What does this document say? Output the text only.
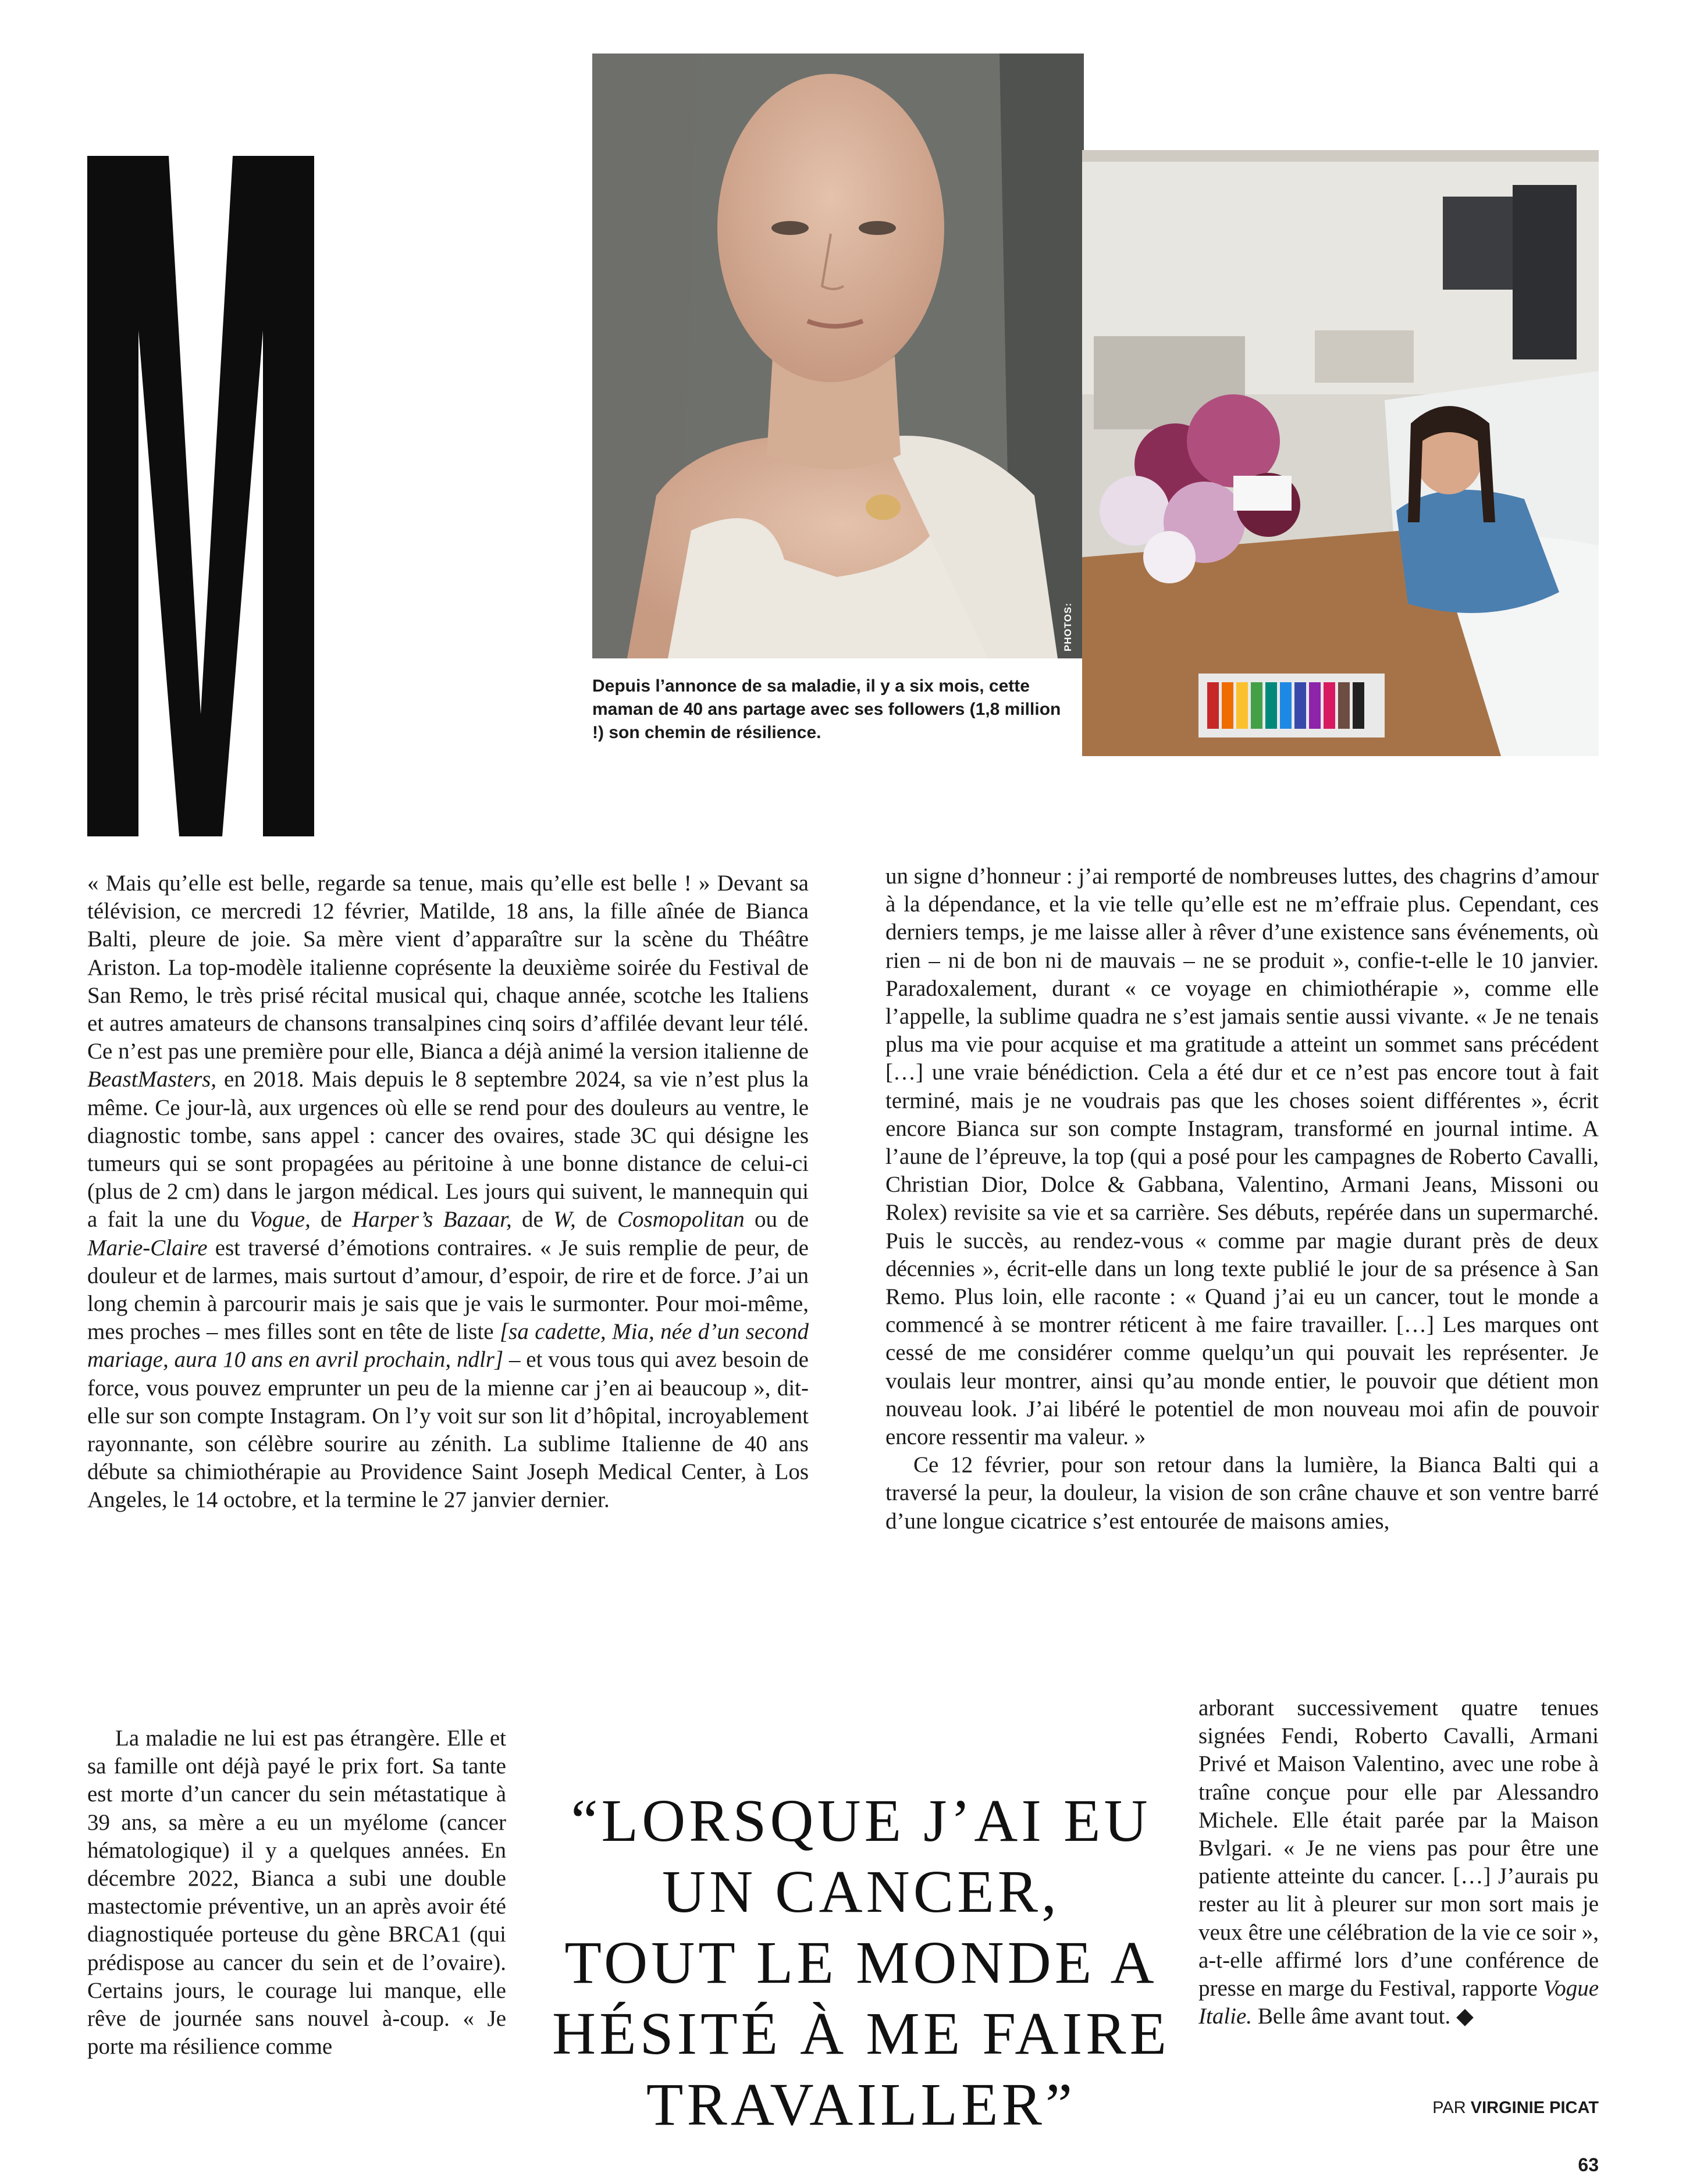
PHOTOS:
Depuis l’annonce de sa maladie, il y a six mois, cette maman de 40 ans partage avec ses followers (1,8 million !) son chemin de résilience.

« Mais qu’elle est belle, regarde sa tenue, mais qu’elle est belle ! » Devant sa télévision, ce mercredi 12 février, Matilde, 18 ans, la fille aînée de Bianca Balti, pleure de joie. Sa mère vient d’apparaître sur la scène du Théâtre Ariston. La top-modèle italienne coprésente la deuxième soirée du Festival de San Remo, le très prisé récital musical qui, chaque année, scotche les Italiens et autres amateurs de chansons transalpines cinq soirs d’affilée devant leur télé. Ce n’est pas une première pour elle, Bianca a déjà animé la version italienne de BeastMasters, en 2018. Mais depuis le 8 septembre 2024, sa vie n’est plus la même. Ce jour-là, aux urgences où elle se rend pour des douleurs au ventre, le diagnostic tombe, sans appel : cancer des ovaires, stade 3C qui désigne les tumeurs qui se sont propagées au péritoine à une bonne distance de celui-ci (plus de 2 cm) dans le jargon médical. Les jours qui suivent, le mannequin qui a fait la une du Vogue, de Harper’s Bazaar, de W, de Cosmopolitan ou de Marie-Claire est traversé d’émotions contraires. « Je suis remplie de peur, de douleur et de larmes, mais surtout d’amour, d’espoir, de rire et de force. J’ai un long chemin à parcourir mais je sais que je vais le surmonter. Pour moi-même, mes proches – mes filles sont en tête de liste [sa cadette, Mia, née d’un second mariage, aura 10 ans en avril prochain, ndlr] – et vous tous qui avez besoin de force, vous pouvez emprunter un peu de la mienne car j’en ai beaucoup », dit-elle sur son compte Instagram. On l’y voit sur son lit d’hôpital, incroyablement rayonnante, son célèbre sourire au zénith. La sublime Italienne de 40 ans débute sa chimiothérapie au Providence Saint Joseph Medical Center, à Los Angeles, le 14 octobre, et la termine le 27 janvier dernier.

La maladie ne lui est pas étrangère. Elle et sa famille ont déjà payé le prix fort. Sa tante est morte d’un cancer du sein métastatique à 39 ans, sa mère a eu un myélome (cancer hématologique) il y a quelques années. En décembre 2022, Bianca a subi une double mastectomie préventive, un an après avoir été diagnostiquée porteuse du gène BRCA1 (qui prédispose au cancer du sein et de l’ovaire). Certains jours, le courage lui manque, elle rêve de journée sans nouvel à-coup. « Je porte ma résilience comme

un signe d’honneur : j’ai remporté de nombreuses luttes, des chagrins d’amour à la dépendance, et la vie telle qu’elle est ne m’effraie plus. Cependant, ces derniers temps, je me laisse aller à rêver d’une existence sans événements, où rien – ni de bon ni de mauvais – ne se produit », confie-t-elle le 10 janvier. Paradoxalement, durant « ce voyage en chimiothérapie », comme elle l’appelle, la sublime quadra ne s’est jamais sentie aussi vivante. « Je ne tenais plus ma vie pour acquise et ma gratitude a atteint un sommet sans précédent […] une vraie bénédiction. Cela a été dur et ce n’est pas encore tout à fait terminé, mais je ne voudrais pas que les choses soient différentes », écrit encore Bianca sur son compte Instagram, transformé en journal intime. A l’aune de l’épreuve, la top (qui a posé pour les campagnes de Roberto Cavalli, Christian Dior, Dolce & Gabbana, Valentino, Armani Jeans, Missoni ou Rolex) revisite sa vie et sa carrière. Ses débuts, repérée dans un supermarché. Puis le succès, au rendez-vous « comme par magie durant près de deux décennies », écrit-elle dans un long texte publié le jour de sa présence à San Remo. Plus loin, elle raconte : « Quand j’ai eu un cancer, tout le monde a commencé à se montrer réticent à me faire travailler. […] Les marques ont cessé de me considérer comme quelqu’un qui pouvait les représenter. Je voulais leur montrer, ainsi qu’au monde entier, le pouvoir que détient mon nouveau look. J’ai libéré le potentiel de mon nouveau moi afin de pouvoir encore ressentir ma valeur. »

Ce 12 février, pour son retour dans la lumière, la Bianca Balti qui a traversé la peur, la douleur, la vision de son crâne chauve et son ventre barré d’une longue cicatrice s’est entourée de maisons amies,

arborant successivement quatre tenues signées Fendi, Roberto Cavalli, Armani Privé et Maison Valentino, avec une robe à traîne conçue pour elle par Alessandro Michele. Elle était parée par la Maison Bvlgari. « Je ne viens pas pour être une patiente atteinte du cancer. […] J’aurais pu rester au lit à pleurer sur mon sort mais je veux être une célébration de la vie ce soir », a-t-elle affirmé lors d’une conférence de presse en marge du Festival, rapporte Vogue Italie. Belle âme avant tout. ◆

“LORSQUE J’AI EU
UN CANCER,
TOUT LE MONDE A
HÉSITÉ À ME FAIRE
TRAVAILLER”	PAR VIRGINIE PICAT
63
